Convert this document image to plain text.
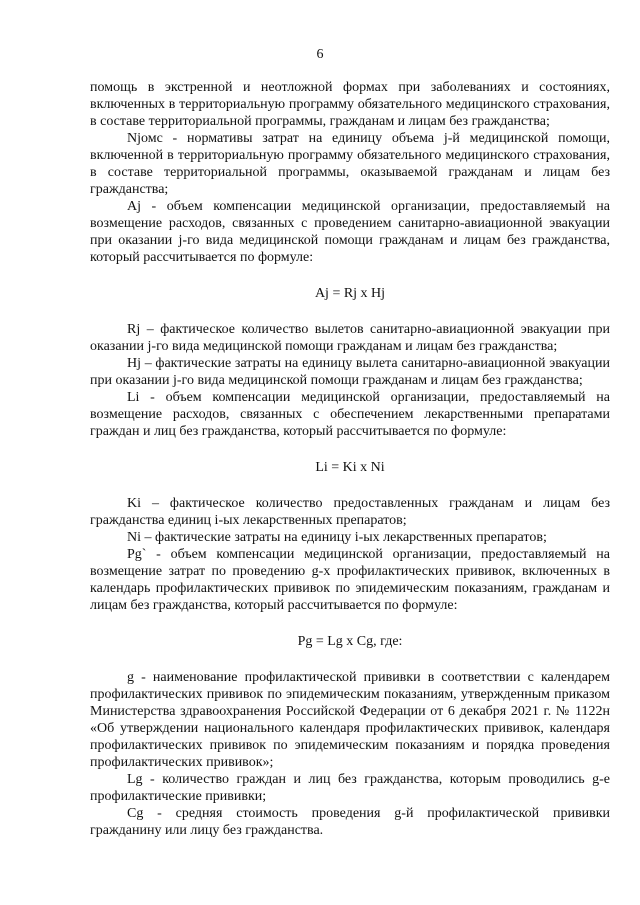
6

помощь в экстренной и неотложной формах при заболеваниях и состояниях, включенных в территориальную программу обязательного медицинского страхования, в составе территориальной программы, гражданам и лицам без гражданства;

Njомс - нормативы затрат на единицу объема j-й медицинской помощи, включенной в территориальную программу обязательного медицинского страхования, в составе территориальной программы, оказываемой гражданам и лицам без гражданства;

Aj - объем компенсации медицинской организации, предоставляемый на возмещение расходов, связанных с проведением санитарно-авиационной эвакуации при оказании j-го вида медицинской помощи гражданам и лицам без гражданства, который рассчитывается по формуле:

Aj = Rj x Hj

Rj – фактическое количество вылетов санитарно-авиационной эвакуации при оказании j-го вида медицинской помощи гражданам и лицам без гражданства;

Hj – фактические затраты на единицу вылета санитарно-авиационной эвакуации при оказании j-го вида медицинской помощи гражданам и лицам без гражданства;

Li - объем компенсации медицинской организации, предоставляемый на возмещение расходов, связанных с обеспечением лекарственными препаратами граждан и лиц без гражданства, который рассчитывается по формуле:

Li = Ki x Ni

Ki – фактическое количество предоставленных гражданам и лицам без гражданства единиц i-ых лекарственных препаратов;

Ni – фактические затраты на единицу i-ых лекарственных препаратов;

Pg` - объем компенсации медицинской организации, предоставляемый на возмещение затрат по проведению g-х профилактических прививок, включенных в календарь профилактических прививок по эпидемическим показаниям, гражданам и лицам без гражданства, который рассчитывается по формуле:

Pg = Lg x Cg, где:

g - наименование профилактической прививки в соответствии с календарем профилактических прививок по эпидемическим показаниям, утвержденным приказом Министерства здравоохранения Российской Федерации от 6 декабря 2021 г. № 1122н «Об утверждении национального календаря профилактических прививок, календаря профилактических прививок по эпидемическим показаниям и порядка проведения профилактических прививок»;

Lg - количество граждан и лиц без гражданства, которым проводились g-е профилактические прививки;

Cg - средняя стоимость проведения g-й профилактической прививки гражданину или лицу без гражданства.
